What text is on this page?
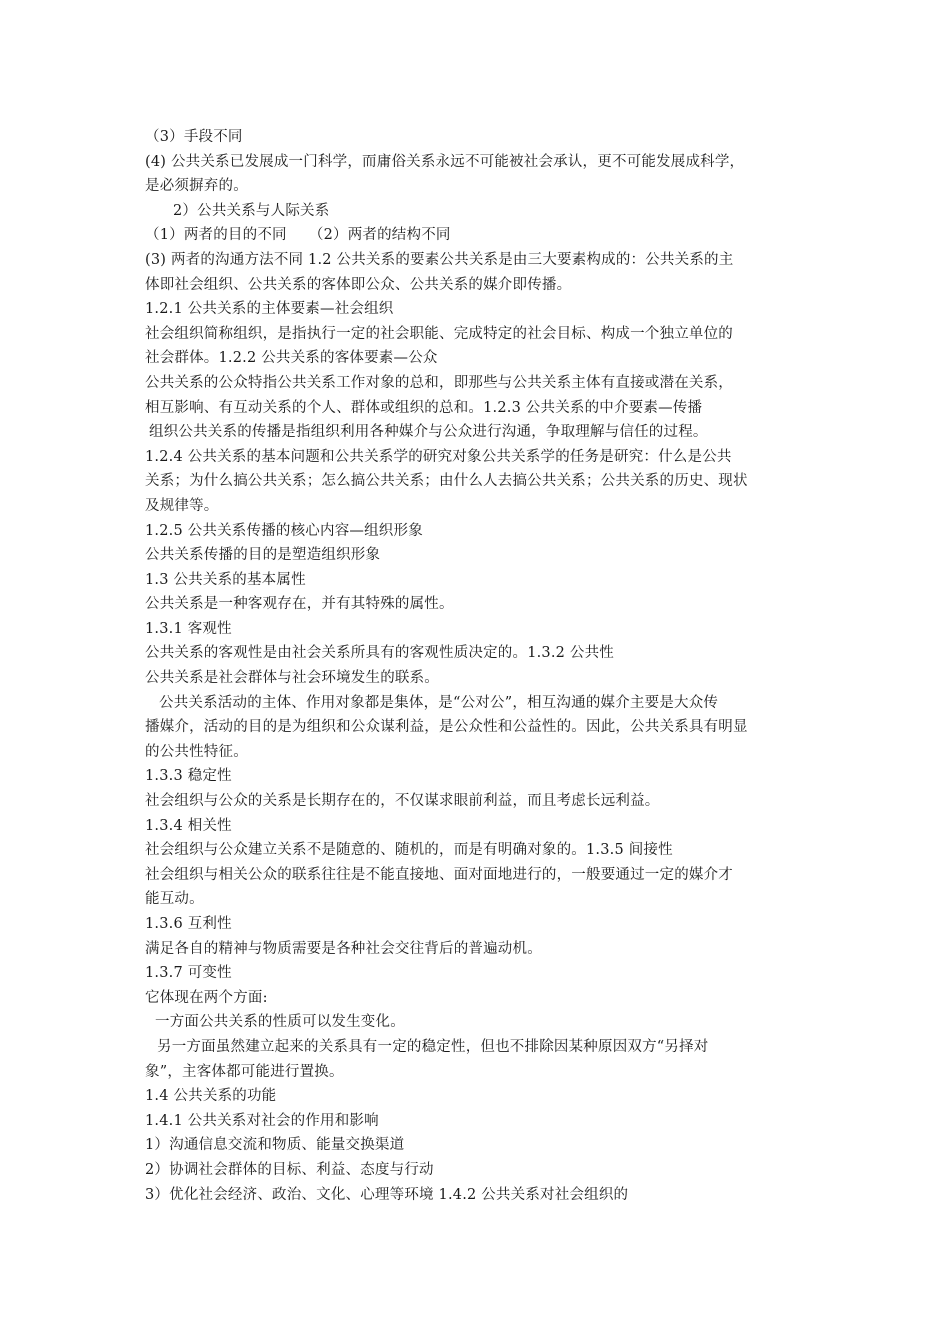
（3）手段不同
(4) 公共关系已发展成一门科学，而庸俗关系永远不可能被社会承认，更不可能发展成科学，
是必须摒弃的。
2）公共关系与人际关系
（1）两者的目的不同　　（2）两者的结构不同
(3) 两者的沟通方法不同 1.2 公共关系的要素公共关系是由三大要素构成的：公共关系的主
体即社会组织、公共关系的客体即公众、公共关系的媒介即传播。
1.2.1 公共关系的主体要素—社会组织
社会组织简称组织，是指执行一定的社会职能、完成特定的社会目标、构成一个独立单位的
社会群体。1.2.2 公共关系的客体要素—公众
公共关系的公众特指公共关系工作对象的总和，即那些与公共关系主体有直接或潜在关系，
相互影响、有互动关系的个人、群体或组织的总和。1.2.3 公共关系的中介要素—传播
组织公共关系的传播是指组织利用各种媒介与公众进行沟通，争取理解与信任的过程。
1.2.4 公共关系的基本问题和公共关系学的研究对象公共关系学的任务是研究：什么是公共
关系；为什么搞公共关系；怎么搞公共关系；由什么人去搞公共关系；公共关系的历史、现状
及规律等。
1.2.5 公共关系传播的核心内容—组织形象
公共关系传播的目的是塑造组织形象
1.3 公共关系的基本属性
公共关系是一种客观存在，并有其特殊的属性。
1.3.1 客观性
公共关系的客观性是由社会关系所具有的客观性质决定的。1.3.2 公共性
公共关系是社会群体与社会环境发生的联系。
公共关系活动的主体、作用对象都是集体，是“公对公”，相互沟通的媒介主要是大众传
播媒介，活动的目的是为组织和公众谋利益，是公众性和公益性的。因此，公共关系具有明显
的公共性特征。
1.3.3 稳定性
社会组织与公众的关系是长期存在的，不仅谋求眼前利益，而且考虑长远利益。
1.3.4 相关性
社会组织与公众建立关系不是随意的、随机的，而是有明确对象的。1.3.5 间接性
社会组织与相关公众的联系往往是不能直接地、面对面地进行的，一般要通过一定的媒介才
能互动。
1.3.6 互利性
满足各自的精神与物质需要是各种社会交往背后的普遍动机。
1.3.7 可变性
它体现在两个方面:
一方面公共关系的性质可以发生变化。
另一方面虽然建立起来的关系具有一定的稳定性，但也不排除因某种原因双方“另择对
象”，主客体都可能进行置换。
1.4 公共关系的功能
1.4.1 公共关系对社会的作用和影响
1）沟通信息交流和物质、能量交换渠道
2）协调社会群体的目标、利益、态度与行动
3）优化社会经济、政治、文化、心理等环境 1.4.2 公共关系对社会组织的
